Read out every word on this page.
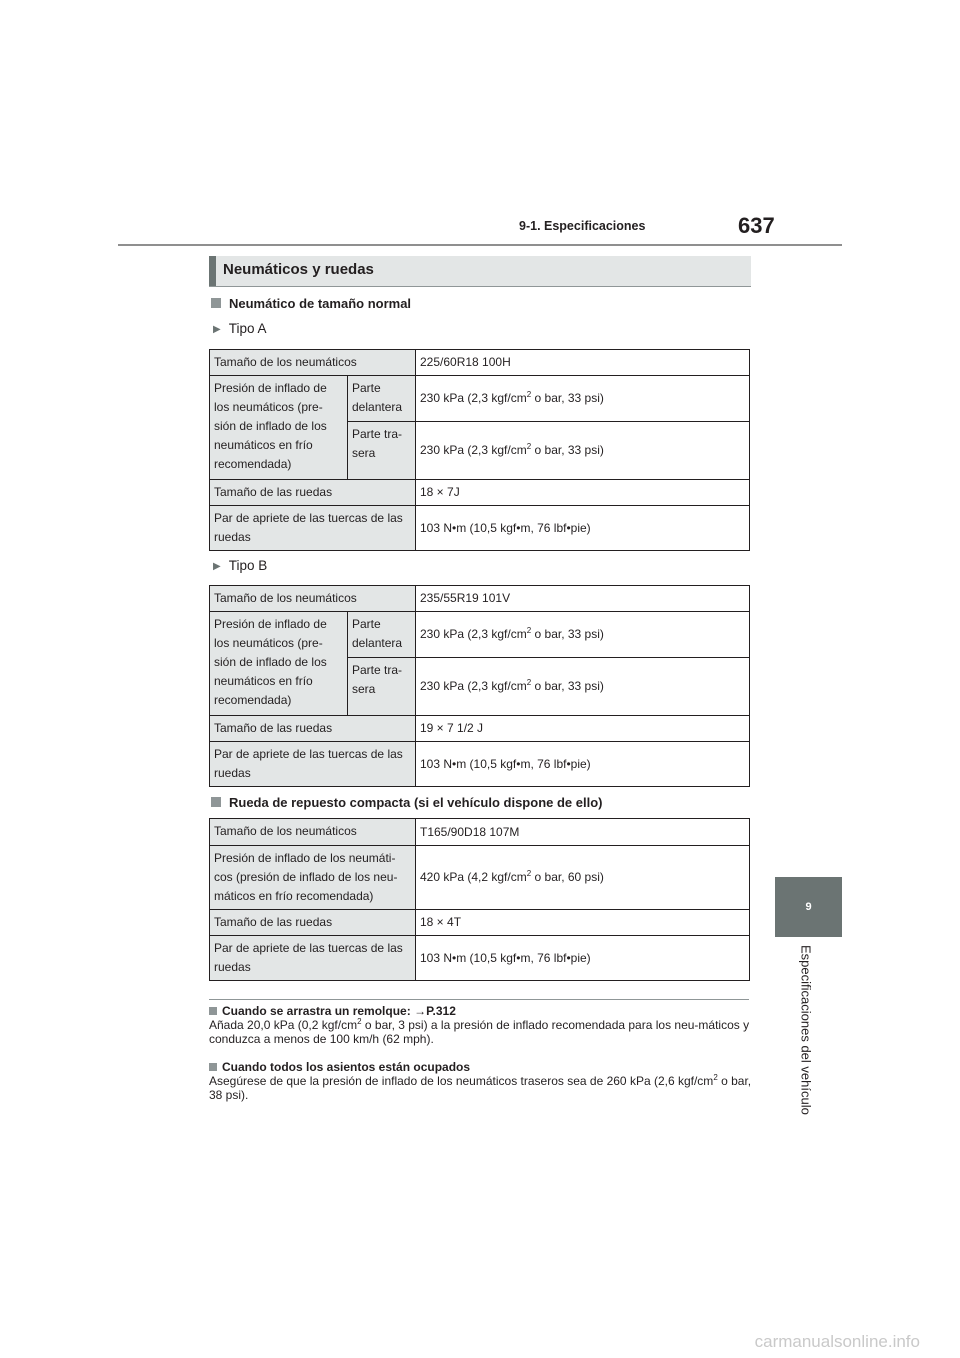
9-1. Especificaciones	637
9
Especificaciones del vehículo
Neumáticos y ruedas
Neumático de tamaño normal
▶ Tipo A
Tamaño de los neumáticos		225/60R18 100H
Presión de inflado de los neumáticos (pre-sión de inflado de los neumáticos en frío recomendada)	Parte delantera	230 kPa (2,3 kgf/$cm^2$ o bar, 33 psi)
	Parte tra-sera	230 kPa (2,3 kgf/$cm^2$ o bar, 33 psi)
Tamaño de las ruedas		18 × 7J
Par de apriete de las tuercas de las ruedas		103 N•m (10,5 kgf•m, 76 lbf•pie)
▶ Tipo B
Tamaño de los neumáticos		235/55R19 101V
Presión de inflado de los neumáticos (pre-sión de inflado de los neumáticos en frío recomendada)	Parte delantera	230 kPa (2,3 kgf/$cm^2$ o bar, 33 psi)
	Parte tra-sera	230 kPa (2,3 kgf/$cm^2$ o bar, 33 psi)
Tamaño de las ruedas		19 × 7 1/2 J
Par de apriete de las tuercas de las ruedas		103 N•m (10,5 kgf•m, 76 lbf•pie)
Rueda de repuesto compacta (si el vehículo dispone de ello)
Tamaño de los neumáticos	T165/90D18 107M
Presión de inflado de los neumáti-cos (presión de inflado de los neu-máticos en frío recomendada)	420 kPa (4,2 kgf/$cm^2$ o bar, 60 psi)
Tamaño de las ruedas	18 × 4T
Par de apriete de las tuercas de las ruedas	103 N•m (10,5 kgf•m, 76 lbf•pie)
Cuando se arrastra un remolque: →P.312
Añada 20,0 kPa (0,2 kgf/$cm^2$ o bar, 3 psi) a la presión de inflado recomendada para los neu-máticos y conduzca a menos de 100 km/h (62 mph).
Cuando todos los asientos están ocupados
Asegúrese de que la presión de inflado de los neumáticos traseros sea de 260 kPa (2,6 kgf/$cm^2$ o bar, 38 psi).
carmanualsonline.info
